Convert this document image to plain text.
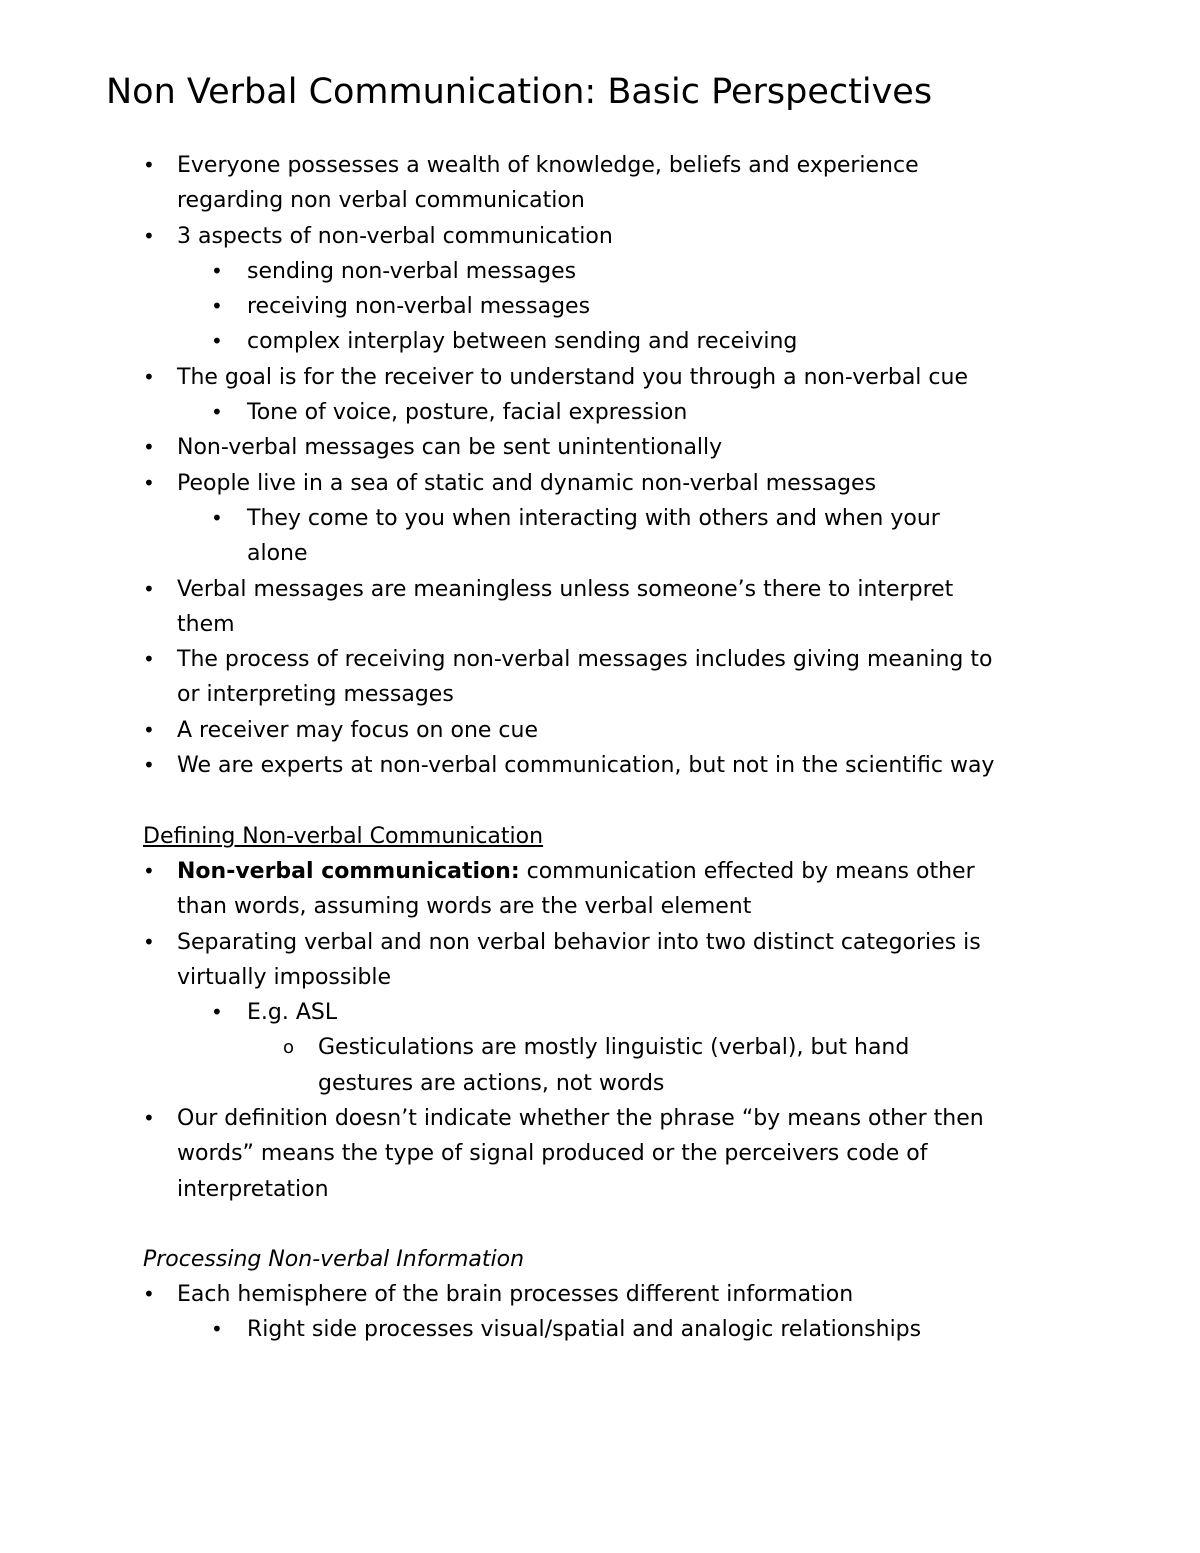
Non Verbal Communication: Basic Perspectives
• Everyone possesses a wealth of knowledge, beliefs and experience
regarding non verbal communication
• 3 aspects of non-verbal communication
• sending non-verbal messages
• receiving non-verbal messages
• complex interplay between sending and receiving
• The goal is for the receiver to understand you through a non-verbal cue
• Tone of voice, posture, facial expression
• Non-verbal messages can be sent unintentionally
• People live in a sea of static and dynamic non-verbal messages
• They come to you when interacting with others and when your
alone
• Verbal messages are meaningless unless someone’s there to interpret
them
• The process of receiving non-verbal messages includes giving meaning to
or interpreting messages
• A receiver may focus on one cue
• We are experts at non-verbal communication, but not in the scientific way
Defining Non-verbal Communication
• Non-verbal communication: communication effected by means other
than words, assuming words are the verbal element
• Separating verbal and non verbal behavior into two distinct categories is
virtually impossible
• E.g. ASL
o Gesticulations are mostly linguistic (verbal), but hand
gestures are actions, not words
• Our definition doesn’t indicate whether the phrase “by means other then
words” means the type of signal produced or the perceivers code of
interpretation
Processing Non-verbal Information
• Each hemisphere of the brain processes different information
• Right side processes visual/spatial and analogic relationships
